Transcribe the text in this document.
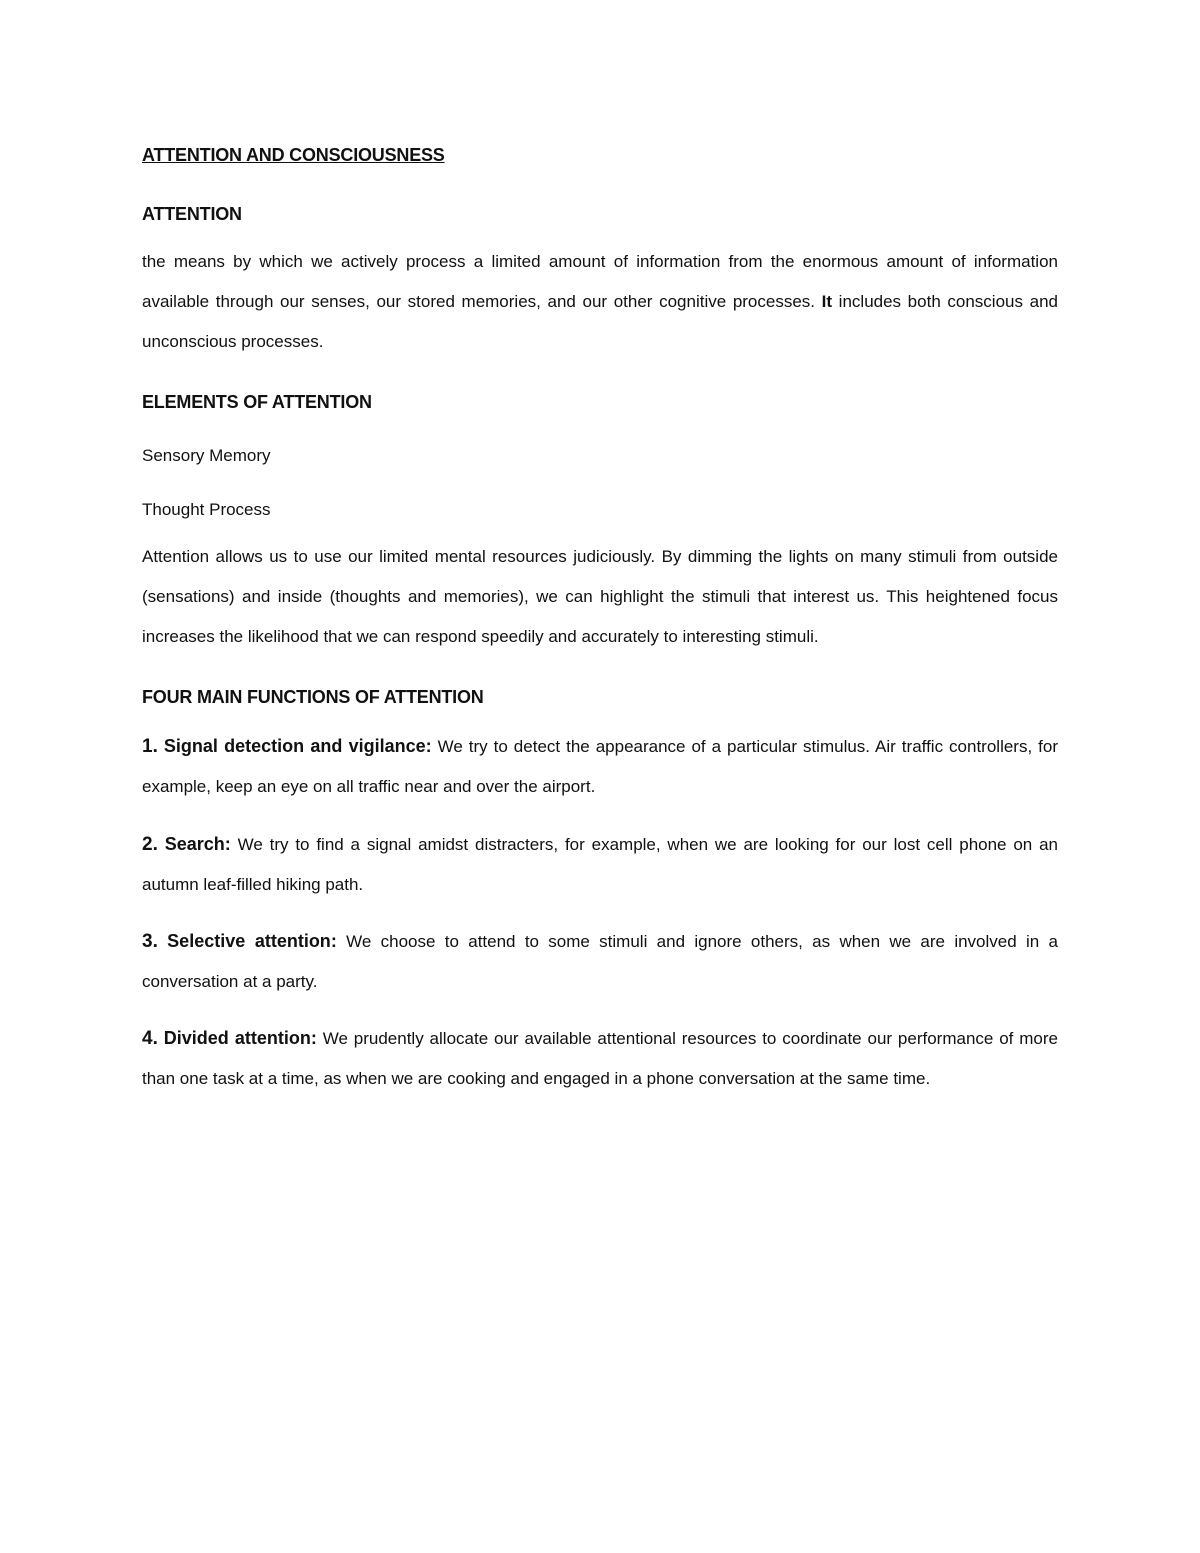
ATTENTION AND CONSCIOUSNESS

ATTENTION

the means by which we actively process a limited amount of information from the enormous amount of information available through our senses, our stored memories, and our other cognitive processes. It includes both conscious and unconscious processes.

ELEMENTS OF ATTENTION

Sensory Memory

Thought Process

Attention allows us to use our limited mental resources judiciously. By dimming the lights on many stimuli from outside (sensations) and inside (thoughts and memories), we can highlight the stimuli that interest us. This heightened focus increases the likelihood that we can respond speedily and accurately to interesting stimuli.

FOUR MAIN FUNCTIONS OF ATTENTION

1. Signal detection and vigilance: We try to detect the appearance of a particular stimulus. Air traffic controllers, for example, keep an eye on all traffic near and over the airport.

2. Search: We try to find a signal amidst distracters, for example, when we are looking for our lost cell phone on an autumn leaf-filled hiking path.

3. Selective attention: We choose to attend to some stimuli and ignore others, as when we are involved in a conversation at a party.

4. Divided attention: We prudently allocate our available attentional resources to coordinate our performance of more than one task at a time, as when we are cooking and engaged in a phone conversation at the same time.
